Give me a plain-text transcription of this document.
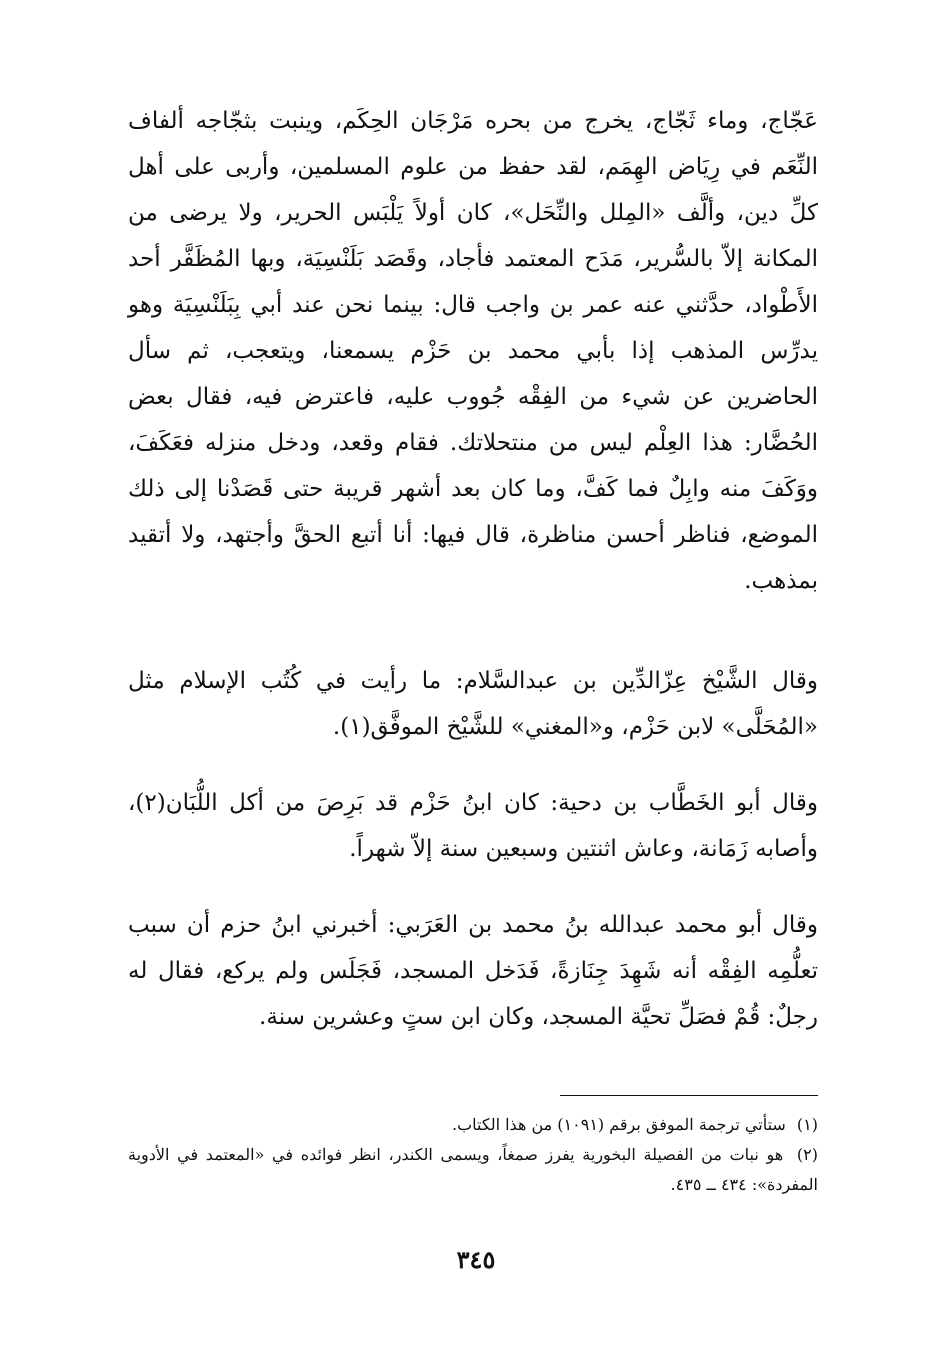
عَجّاج، وماء ثَجّاج، يخرج من بحره مَرْجَان الحِكَم، وينبت بثجّاجه ألفاف النِّعَم في رِيَاض الهِمَم، لقد حفظ من علوم المسلمين، وأربى على أهل كلِّ دين، وألَّف «المِلل والنِّحَل»، كان أولاً يَلْبَس الحرير، ولا يرضى من المكانة إلاّ بالسُّرير، مَدَح المعتمد فأجاد، وقَصَد بَلَنْسِيَة، وبها المُظَفَّر أحد الأَطْواد، حدَّثني عنه عمر بن واجب قال: بينما نحن عند أبي بِبَلَنْسِيَة وهو يدرِّس المذهب إذا بأبي محمد بن حَزْم يسمعنا، ويتعجب، ثم سأل الحاضرين عن شيء من الفِقْه جُووب عليه، فاعترض فيه، فقال بعض الحُضَّار: هذا العِلْم ليس من منتحلاتك. فقام وقعد، ودخل منزله فعَكَفَ، ووَكَفَ منه وابِلٌ فما كَفَّ، وما كان بعد أشهر قريبة حتى قَصَدْنا إلى ذلك الموضع، فناظر أحسن مناظرة، قال فيها: أنا أتبع الحقَّ وأجتهد، ولا أتقيد بمذهب.

وقال الشَّيْخ عِزّالدِّين بن عبدالسَّلام: ما رأيت في كُتُب الإسلام مثل «المُحَلَّى» لابن حَزْم، و«المغني» للشَّيْخ الموفَّق(١).

وقال أبو الخَطَّاب بن دحية: كان ابنُ حَزْم قد بَرِصَ من أكل اللُّبَان(٢)، وأصابه زَمَانة، وعاش اثنتين وسبعين سنة إلاّ شهراً.

وقال أبو محمد عبدالله بنُ محمد بن العَرَبي: أخبرني ابنُ حزم أن سبب تعلُّمِه الفِقْه أنه شَهِدَ جِنَازةً، فَدَخل المسجد، فَجَلَس ولم يركع، فقال له رجلٌ: قُمْ فصَلِّ تحيَّة المسجد، وكان ابن ستٍ وعشرين سنة.

(١) ستأتي ترجمة الموفق برقم (١٠٩١) من هذا الكتاب.

(٢) هو نبات من الفصيلة البخورية يفرز صمغاً، ويسمى الكندر، انظر فوائده في «المعتمد في الأدوية المفردة»: ٤٣٤ ــ ٤٣٥.

٣٤٥
